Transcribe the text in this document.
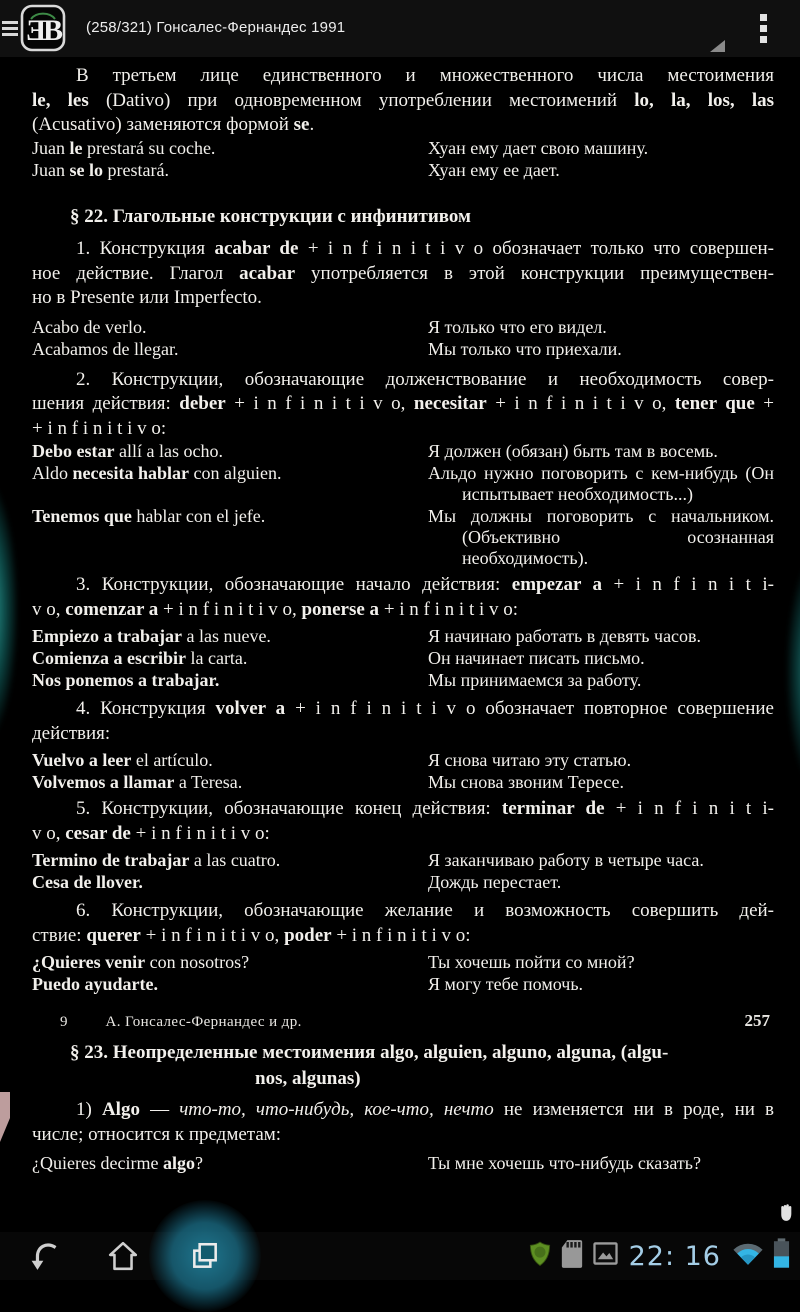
ƎB (258/321) Гонсалес-Фернандес 1991
В третьем лице единственного и множественного числа местоимения
le, les (Dativo) при одновременном употреблении местоимений lo, la, los, las
(Acusativo) заменяются формой se.
Juan le prestará su coche.	Хуан ему дает свою машину.
Juan se lo prestará.	Хуан ему ее дает.
§ 22. Глагольные конструкции с инфинитивом
1. Конструкция acabar de + i n f i n i t i v o обозначает только что совершен-
ное действие. Глагол acabar употребляется в этой конструкции преимуществен-
но в Presente или Imperfecto.
Acabo de verlo.	Я только что его видел.
Acabamos de llegar.	Мы только что приехали.
2. Конструкции, обозначающие долженствование и необходимость совер-
шения действия: deber + i n f i n i t i v o, necesitar + i n f i n i t i v o, tener que +
+ i n f i n i t i v o:
Debo estar allí a las ocho.	Я должен (обязан) быть там в восемь.
Aldo necesita hablar con alguien.	Альдо нужно поговорить с кем-нибудь (Он испытывает необходимость...)
Tenemos que hablar con el jefe.	Мы должны поговорить с начальником. (Объективно осознанная необходимость).
3. Конструкции, обозначающие начало действия: empezar a + i n f i n i t i-
v o, comenzar a + i n f i n i t i v o, ponerse a + i n f i n i t i v o:
Empiezo a trabajar a las nueve.	Я начинаю работать в девять часов.
Comienza a escribir la carta.	Он начинает писать письмо.
Nos ponemos a trabajar.	Мы принимаемся за работу.
4. Конструкция volver a + i n f i n i t i v o обозначает повторное совершение
действия:
Vuelvo a leer el artículo.	Я снова читаю эту статью.
Volvemos a llamar a Teresa.	Мы снова звоним Тересе.
5. Конструкции, обозначающие конец действия: terminar de + i n f i n i t i-
v o, cesar de + i n f i n i t i v o:
Termino de trabajar a las cuatro.	Я заканчиваю работу в четыре часа.
Cesa de llover.	Дождь перестает.
6. Конструкции, обозначающие желание и возможность совершить дей-
ствие: querer + i n f i n i t i v o, poder + i n f i n i t i v o:
¿Quieres venir con nosotros?	Ты хочешь пойти со мной?
Puedo ayudarte.	Я могу тебе помочь.
9	А. Гонсалес-Фернандес и др.	257
§ 23. Неопределенные местоимения algo, alguien, alguno, alguna, (algu-
nos, algunas)
1) Algo — что-то, что-нибудь, кое-что, нечто не изменяется ни в роде, ни в
числе; относится к предметам:
¿Quieres decirme algo?	Ты мне хочешь что-нибудь сказать?
22: 16
